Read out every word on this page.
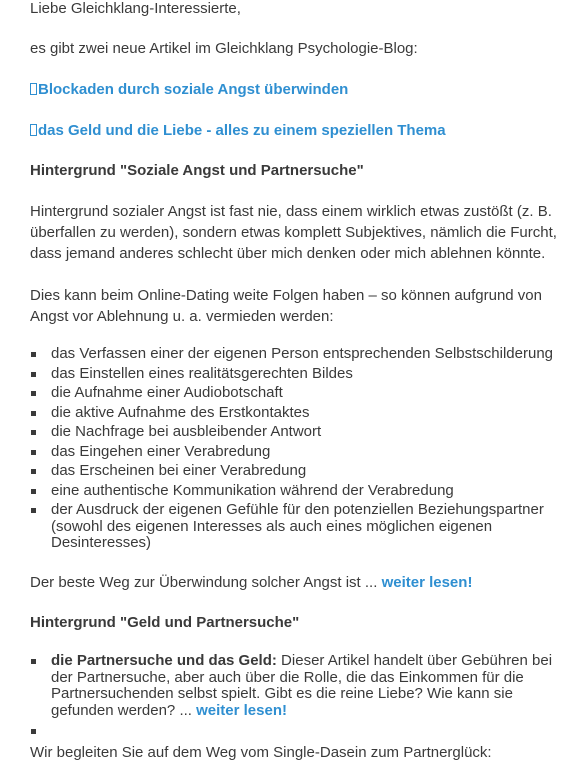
Liebe Gleichklang-Interessierte,

es gibt zwei neue Artikel im Gleichklang Psychologie-Blog:

Blockaden durch soziale Angst überwinden

das Geld und die Liebe - alles zu einem speziellen Thema

Hintergrund "Soziale Angst und Partnersuche"

Hintergrund sozialer Angst ist fast nie, dass einem wirklich etwas zustößt (z. B. überfallen zu werden), sondern etwas komplett Subjektives, nämlich die Furcht, dass jemand anderes schlecht über mich denken oder mich ablehnen könnte.

Dies kann beim Online-Dating weite Folgen haben – so können aufgrund von Angst vor Ablehnung u. a. vermieden werden:

das Verfassen einer der eigenen Person entsprechenden Selbstschilderung
das Einstellen eines realitätsgerechten Bildes
die Aufnahme einer Audiobotschaft
die aktive Aufnahme des Erstkontaktes
die Nachfrage bei ausbleibender Antwort
das Eingehen einer Verabredung
das Erscheinen bei einer Verabredung
eine authentische Kommunikation während der Verabredung
der Ausdruck der eigenen Gefühle für den potenziellen Beziehungspartner (sowohl des eigenen Interesses als auch eines möglichen eigenen Desinteresses)

Der beste Weg zur Überwindung solcher Angst ist ... weiter lesen!

Hintergrund "Geld und Partnersuche"

die Partnersuche und das Geld: Dieser Artikel handelt über Gebühren bei der Partnersuche, aber auch über die Rolle, die das Einkommen für die Partnersuchenden selbst spielt. Gibt es die reine Liebe? Wie kann sie gefunden werden? ... weiter lesen!

Wir begleiten Sie auf dem Weg vom Single-Dasein zum Partnerglück:
